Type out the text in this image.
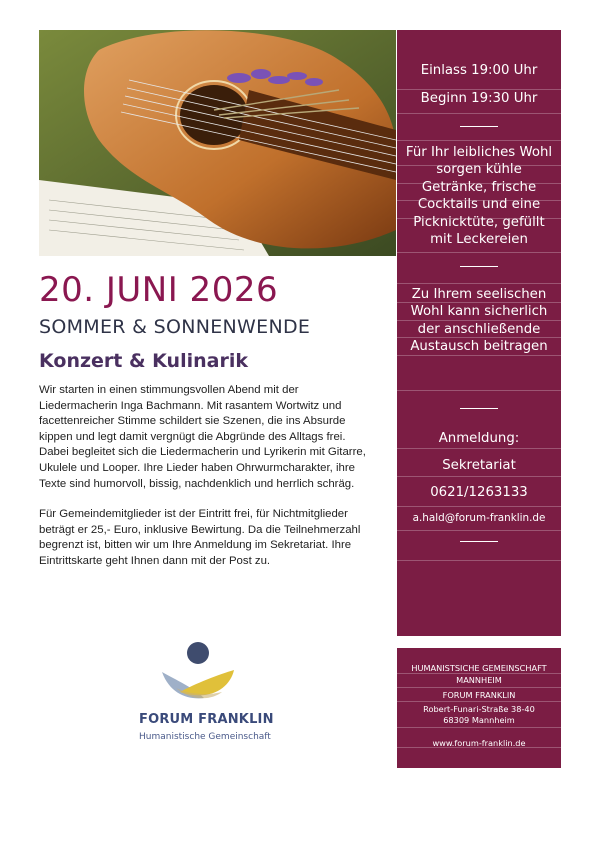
20. JUNI 2026
SOMMER & SONNENWENDE
Konzert & Kulinarik

Wir starten in einen stimmungsvollen Abend mit der Liedermacherin Inga Bachmann. Mit rasantem Wortwitz und facettenreicher Stimme schildert sie Szenen, die ins Absurde kippen und legt damit vergnügt die Abgründe des Alltags frei.

Dabei begleitet sich die Liedermacherin und Lyrikerin mit Gitarre, Ukulele und Looper. Ihre Lieder haben Ohrwurmcharakter, ihre Texte sind humorvoll, bissig, nachdenklich und herrlich schräg.

Für Gemeindemitglieder ist der Eintritt frei, für Nichtmitglieder beträgt er 25,- Euro, inklusive Bewirtung. Da die Teilnehmerzahl begrenzt ist, bitten wir um Ihre Anmeldung im Sekretariat. Ihre Eintrittskarte geht Ihnen dann mit der Post zu.

Einlass 19:00 Uhr
Beginn 19:30 Uhr
Für Ihr leibliches Wohl sorgen kühle Getränke, frische Cocktails und eine Picknicktüte, gefüllt mit Leckereien
Zu Ihrem seelischen Wohl kann sicherlich der anschließende Austausch beitragen
Anmeldung:
Sekretariat
0621/1263133
a.hald@forum-franklin.de
HUMANISTSICHE GEMEINSCHAFT
MANNHEIM
FORUM FRANKLIN
Robert-Funari-Straße 38-40
68309 Mannheim
www.forum-franklin.de
FORUM FRANKLIN
Humanistische Gemeinschaft
